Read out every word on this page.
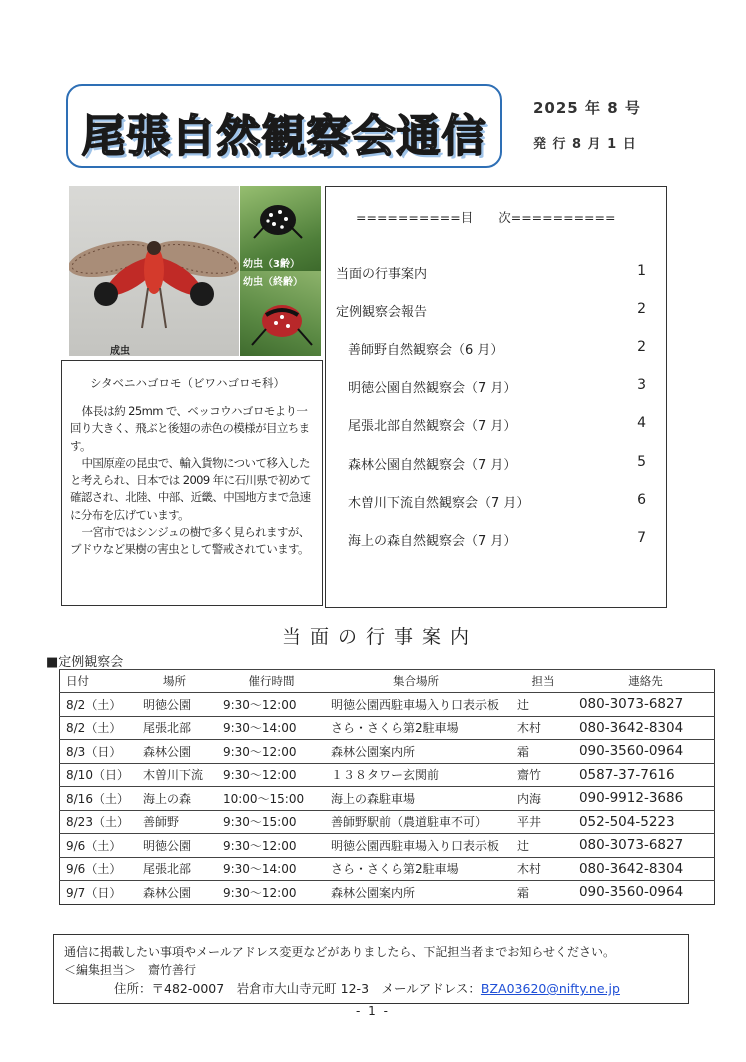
尾張自然観察会通信
2025 年 8 号
発 行 8 月 1 日
成虫
幼虫（3齢）
幼虫（終齢）
シタベニハゴロモ（ビワハゴロモ科）

体長は約 25mm で、ベッコウハゴロモより一回り大きく、飛ぶと後翅の赤色の模様が目立ちます。

中国原産の昆虫で、輸入貨物について移入したと考えられ、日本では 2009 年に石川県で初めて確認され、北陸、中部、近畿、中国地方まで急速に分布を広げています。

一宮市ではシンジュの樹で多く見られますが、ブドウなど果樹の害虫として警戒されています。

==========目　　次==========
当面の行事案内	1
定例観察会報告	2
善師野自然観察会（6 月）	2
明徳公園自然観察会（7 月）	3
尾張北部自然観察会（7 月）	4
森林公園自然観察会（7 月）	5
木曽川下流自然観察会（7 月）	6
海上の森自然観察会（7 月）	7
当面の行事案内
■定例観察会
日付	場所	催行時間	集合場所	担当	連絡先
8/2（土）	明徳公園	9:30～12:00	明徳公園西駐車場入り口表示板	辻	080-3073-6827
8/2（土）	尾張北部	9:30～14:00	さら・さくら第2駐車場	木村	080-3642-8304
8/3（日）	森林公園	9:30～12:00	森林公園案内所	霜	090-3560-0964
8/10（日）	木曽川下流	9:30～12:00	１３８タワー玄関前	齋竹	0587-37-7616
8/16（土）	海上の森	10:00～15:00	海上の森駐車場	内海	090-9912-3686
8/23（土）	善師野	9:30～15:00	善師野駅前（農道駐車不可）	平井	052-504-5223
9/6（土）	明徳公園	9:30～12:00	明徳公園西駐車場入り口表示板	辻	080-3073-6827
9/6（土）	尾張北部	9:30～14:00	さら・さくら第2駐車場	木村	080-3642-8304
9/7（日）	森林公園	9:30～12:00	森林公園案内所	霜	090-3560-0964
通信に掲載したい事項やメールアドレス変更などがありましたら、下記担当者までお知らせください。
＜編集担当＞　齋竹善行
住所：〒482-0007　岩倉市大山寺元町 12-3　メールアドレス：BZA03620@nifty.ne.jp
- 1 -
